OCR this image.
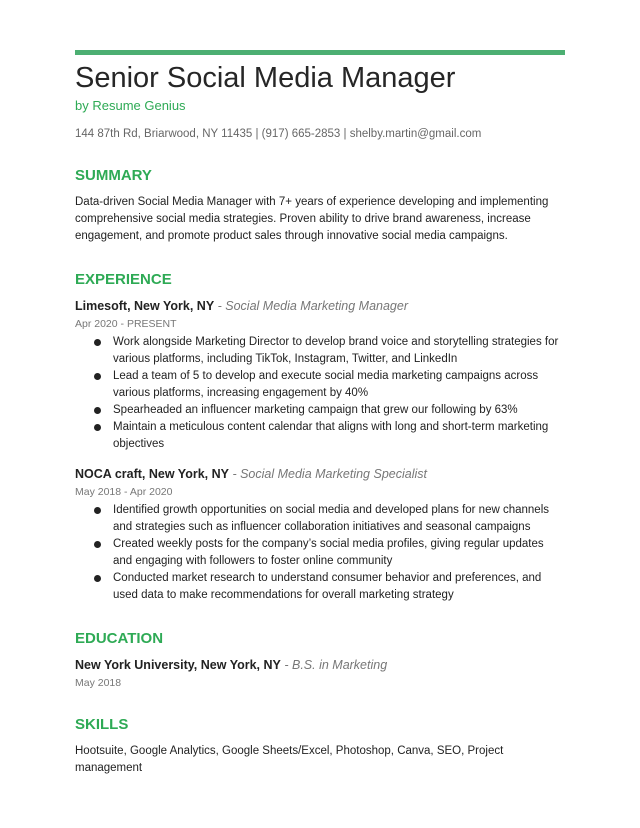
Senior Social Media Manager
by Resume Genius
144 87th Rd, Briarwood, NY 11435 | (917) 665-2853 | shelby.martin@gmail.com
SUMMARY
Data-driven Social Media Manager with 7+ years of experience developing and implementing comprehensive social media strategies. Proven ability to drive brand awareness, increase engagement, and promote product sales through innovative social media campaigns.
EXPERIENCE
Limesoft, New York, NY - Social Media Marketing Manager
Apr 2020 - PRESENT
Work alongside Marketing Director to develop brand voice and storytelling strategies for various platforms, including TikTok, Instagram, Twitter, and LinkedIn
Lead a team of 5 to develop and execute social media marketing campaigns across various platforms, increasing engagement by 40%
Spearheaded an influencer marketing campaign that grew our following by 63%
Maintain a meticulous content calendar that aligns with long and short-term marketing objectives
NOCA craft, New York, NY - Social Media Marketing Specialist
May 2018 - Apr 2020
Identified growth opportunities on social media and developed plans for new channels and strategies such as influencer collaboration initiatives and seasonal campaigns
Created weekly posts for the company’s social media profiles, giving regular updates and engaging with followers to foster online community
Conducted market research to understand consumer behavior and preferences, and used data to make recommendations for overall marketing strategy
EDUCATION
New York University, New York, NY - B.S. in Marketing
May 2018
SKILLS
Hootsuite, Google Analytics, Google Sheets/Excel, Photoshop, Canva, SEO, Project management
